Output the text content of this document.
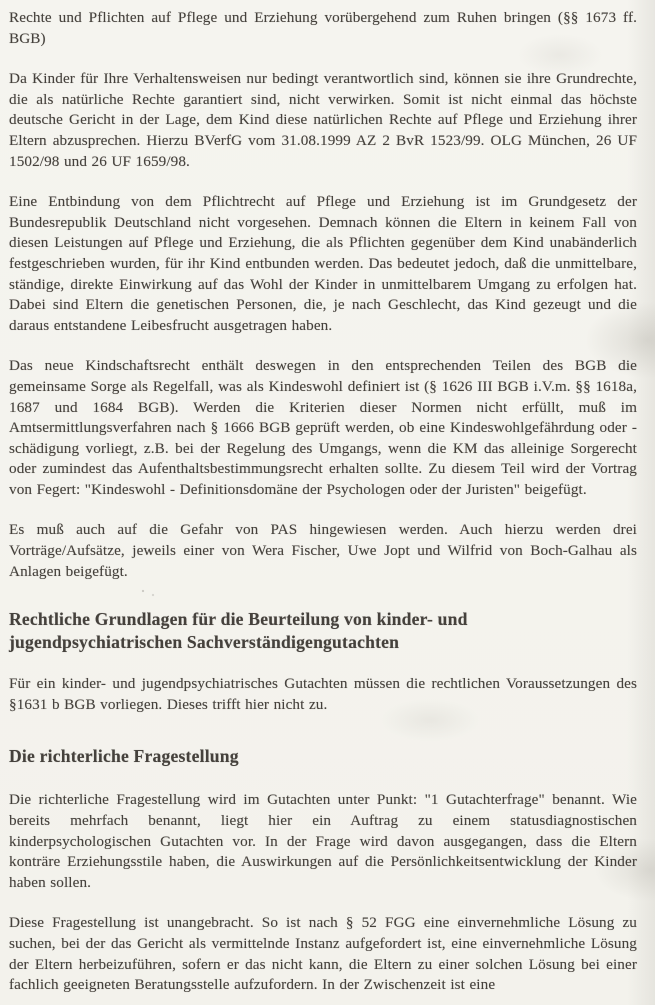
Rechte und Pflichten auf Pflege und Erziehung vorübergehend zum Ruhen bringen (§§ 1673 ff. BGB)

Da Kinder für Ihre Verhaltensweisen nur bedingt verantwortlich sind, können sie ihre Grundrechte, die als natürliche Rechte garantiert sind, nicht verwirken. Somit ist nicht einmal das höchste deutsche Gericht in der Lage, dem Kind diese natürlichen Rechte auf Pflege und Erziehung ihrer Eltern abzusprechen. Hierzu BVerfG vom 31.08.1999 AZ 2 BvR 1523/99. OLG München, 26 UF 1502/98 und 26 UF 1659/98.

Eine Entbindung von dem Pflichtrecht auf Pflege und Erziehung ist im Grundgesetz der Bundesrepublik Deutschland nicht vorgesehen. Demnach können die Eltern in keinem Fall von diesen Leistungen auf Pflege und Erziehung, die als Pflichten gegenüber dem Kind unabänderlich festgeschrieben wurden, für ihr Kind entbunden werden. Das bedeutet jedoch, daß die unmittelbare, ständige, direkte Einwirkung auf das Wohl der Kinder in unmittelbarem Umgang zu erfolgen hat. Dabei sind Eltern die genetischen Personen, die, je nach Geschlecht, das Kind gezeugt und die daraus entstandene Leibesfrucht ausgetragen haben.

Das neue Kindschaftsrecht enthält deswegen in den entsprechenden Teilen des BGB die gemeinsame Sorge als Regelfall, was als Kindeswohl definiert ist (§ 1626 III BGB i.V.m. §§ 1618a, 1687 und 1684 BGB). Werden die Kriterien dieser Normen nicht erfüllt, muß im Amtsermittlungsverfahren nach § 1666 BGB geprüft werden, ob eine Kindeswohlgefährdung oder -schädigung vorliegt, z.B. bei der Regelung des Umgangs, wenn die KM das alleinige Sorgerecht oder zumindest das Aufenthaltsbestimmungsrecht erhalten sollte. Zu diesem Teil wird der Vortrag von Fegert: "Kindeswohl - Definitionsdomäne der Psychologen oder der Juristen" beigefügt.

Es muß auch auf die Gefahr von PAS hingewiesen werden. Auch hierzu werden drei Vorträge/Aufsätze, jeweils einer von Wera Fischer, Uwe Jopt und Wilfrid von Boch-Galhau als Anlagen beigefügt.

Rechtliche Grundlagen für die Beurteilung von kinder- und jugendpsychiatrischen Sachverständigengutachten

Für ein kinder- und jugendpsychiatrisches Gutachten müssen die rechtlichen Voraussetzungen des §1631 b BGB vorliegen. Dieses trifft hier nicht zu.

Die richterliche Fragestellung

Die richterliche Fragestellung wird im Gutachten unter Punkt: "1 Gutachterfrage" benannt. Wie bereits mehrfach benannt, liegt hier ein Auftrag zu einem statusdiagnostischen kinderpsychologischen Gutachten vor. In der Frage wird davon ausgegangen, dass die Eltern konträre Erziehungsstile haben, die Auswirkungen auf die Persönlichkeitsentwicklung der Kinder haben sollen.

Diese Fragestellung ist unangebracht. So ist nach § 52 FGG eine einvernehmliche Lösung zu suchen, bei der das Gericht als vermittelnde Instanz aufgefordert ist, eine einvernehmliche Lösung der Eltern herbeizuführen, sofern er das nicht kann, die Eltern zu einer solchen Lösung bei einer fachlich geeigneten Beratungsstelle aufzufordern. In der Zwischenzeit ist eine
